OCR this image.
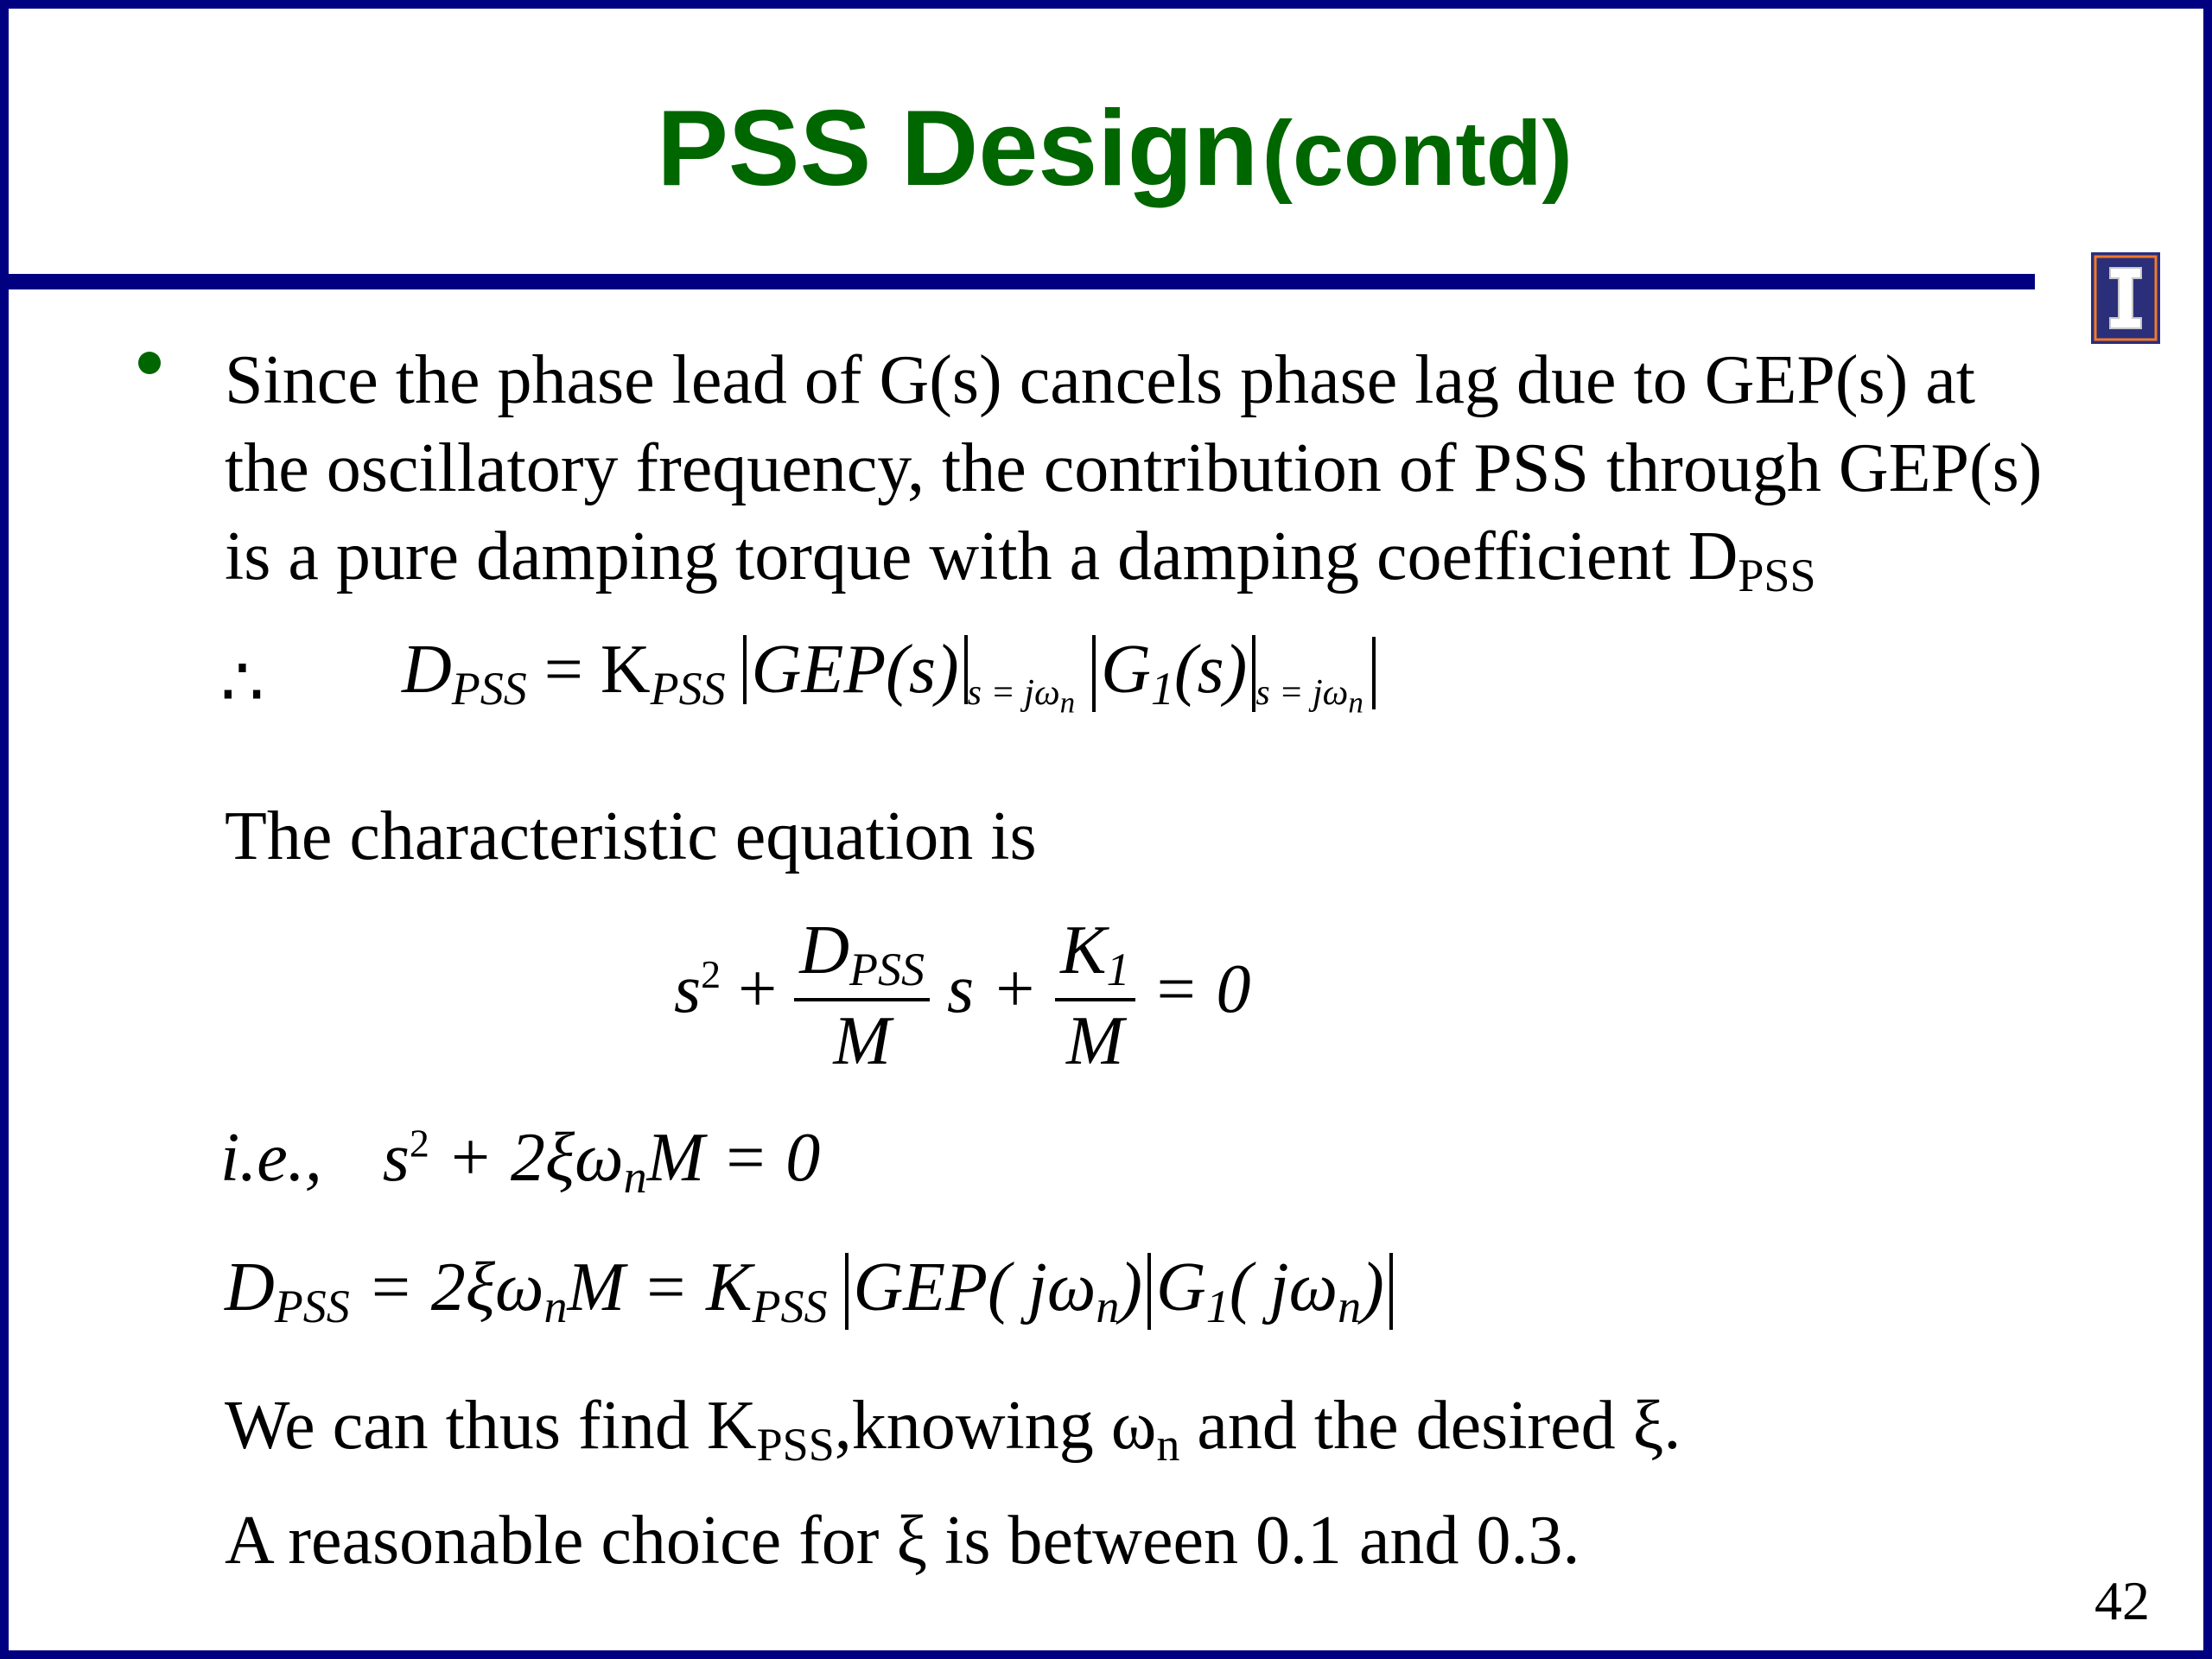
PSS Design (contd)
Since the phase lead of G(s) cancels phase lag due to GEP(s) at
the oscillatory frequency, the contribution of PSS through GEP(s)
is a pure damping torque with a damping coefficient $D_{PSS}$
∴ $D_{PSS} = K_{PSS}$ GEP(s) $_{s = j\omega_n}$ $G_1(s)$ $_{s = j\omega_n}$
The characteristic equation is
$s^2 + \frac{D_{PSS}}{M}$ $s + \frac{K_1}{M} = 0$
i.e., $s^2 + 2\xi\omega_nM = 0$
$D_{PSS} = 2\xi\omega_nM = K_{PSS}$ GEP( $j\omega_n$) $G_1$( $j\omega_n$)
We can thus find $K_{PSS},knowing$ $\omega_n$ and the desired ξ.
A reasonable choice for ξ is between 0.1 and 0.3.
42
